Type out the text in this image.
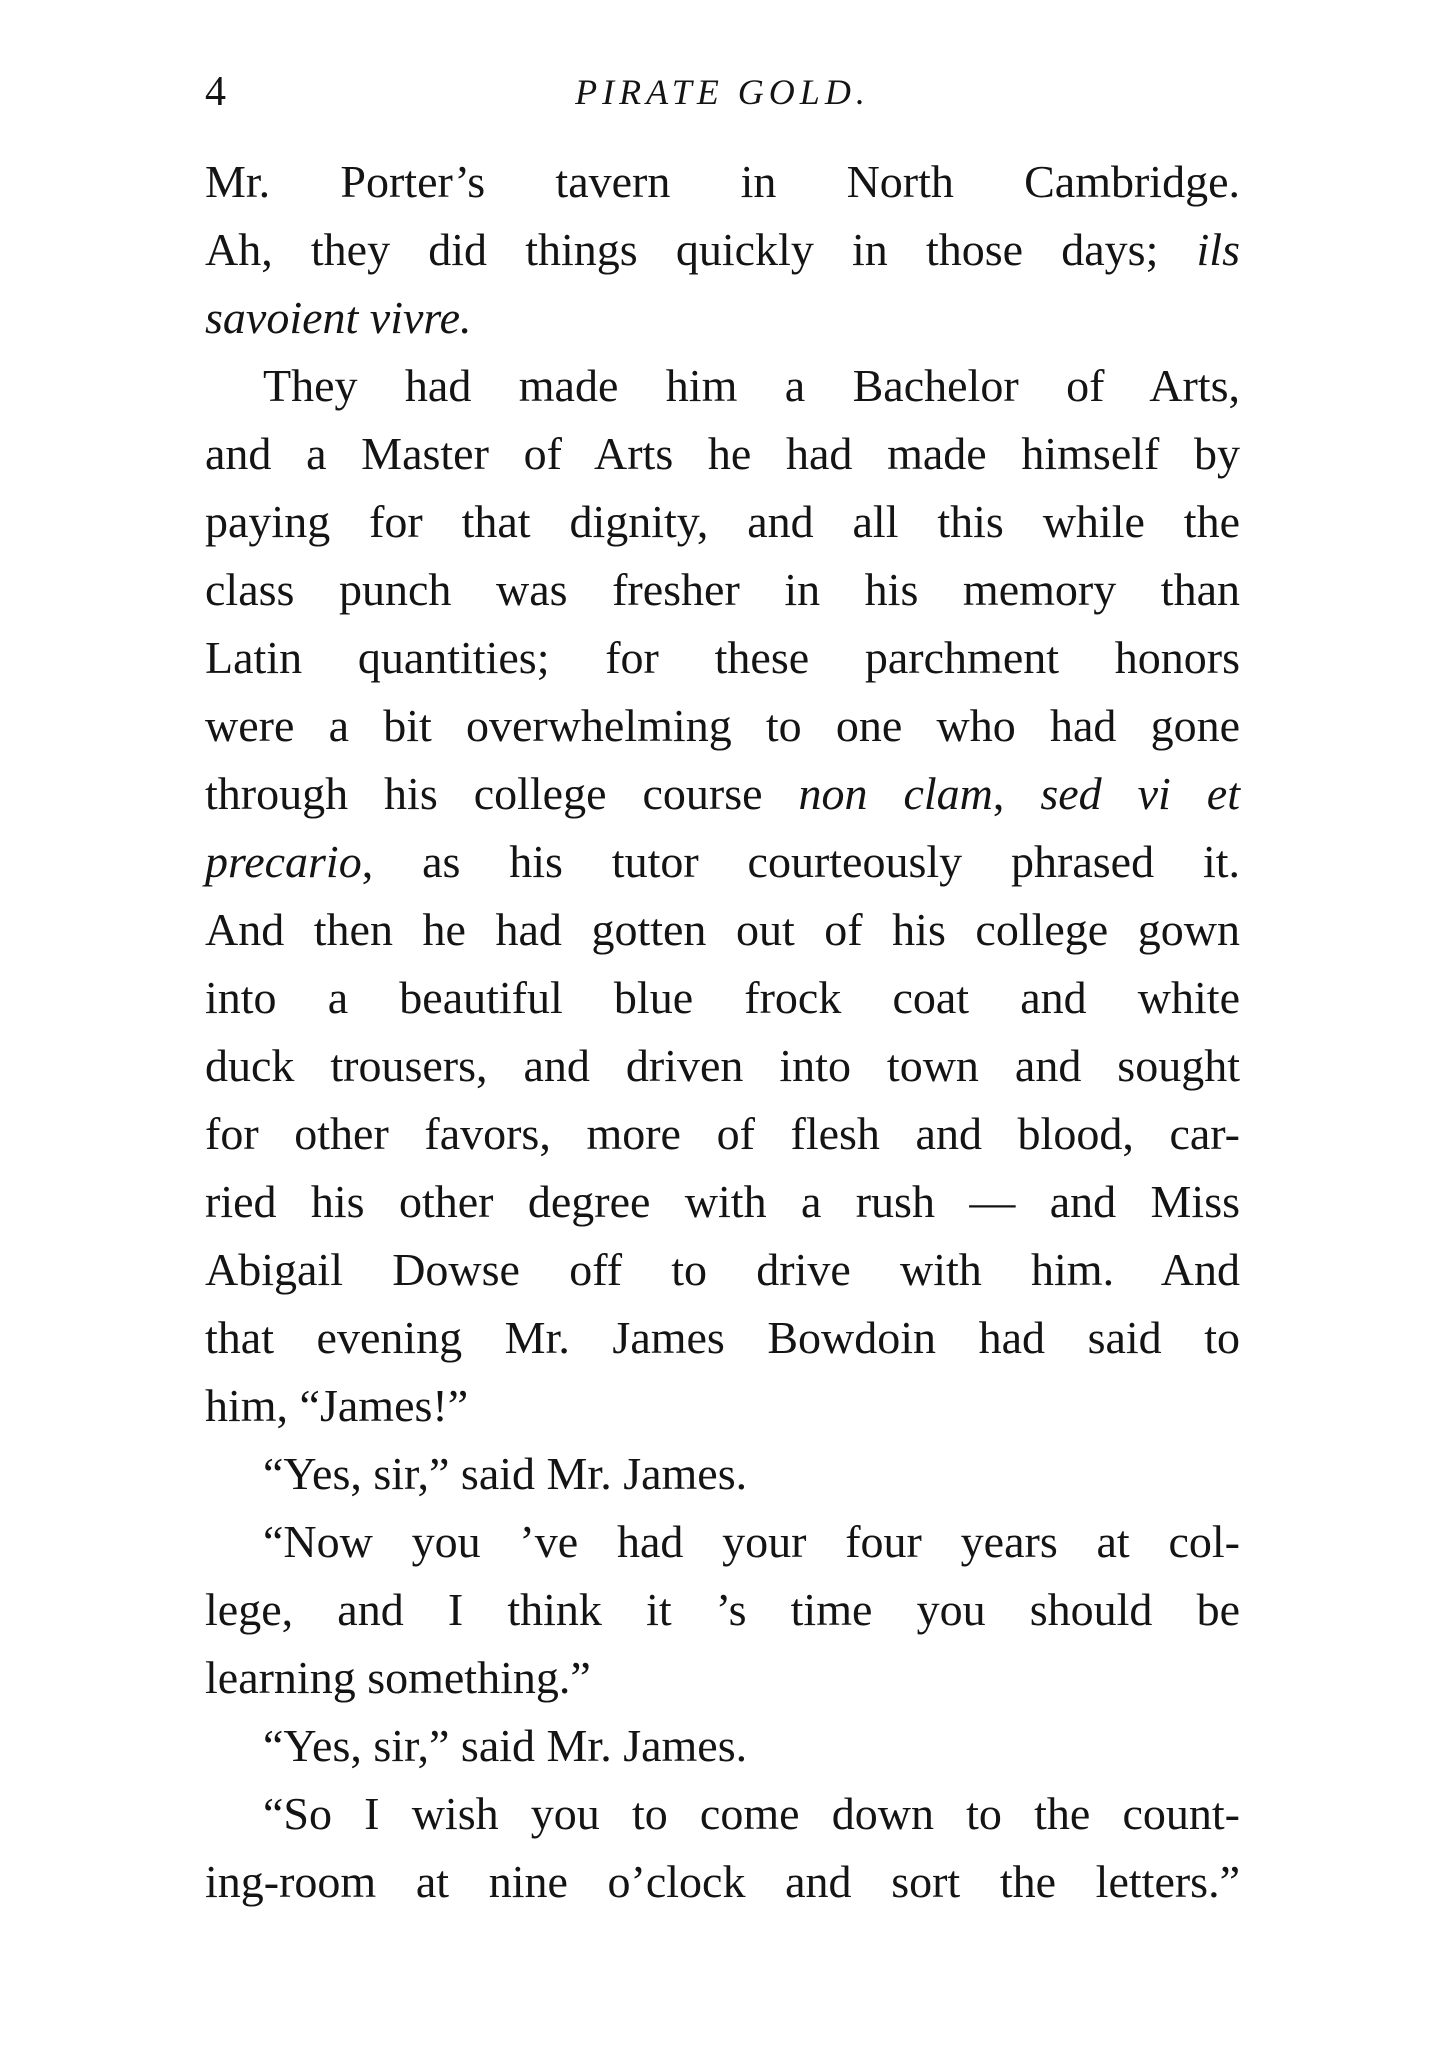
4	PIRATE GOLD.
Mr. Porter’s tavern in North Cambridge.
Ah, they did things quickly in those days; ils
savoient vivre.
They had made him a Bachelor of Arts,
and a Master of Arts he had made himself by
paying for that dignity, and all this while the
class punch was fresher in his memory than
Latin quantities; for these parchment honors
were a bit overwhelming to one who had gone
through his college course non clam, sed vi et
precario, as his tutor courteously phrased it.
And then he had gotten out of his college gown
into a beautiful blue frock coat and white
duck trousers, and driven into town and sought
for other favors, more of flesh and blood, car-
ried his other degree with a rush — and Miss
Abigail Dowse off to drive with him. And
that evening Mr. James Bowdoin had said to
him, “James!”
“Yes, sir,” said Mr. James.
“Now you ’ve had your four years at col-
lege, and I think it ’s time you should be
learning something.”
“Yes, sir,” said Mr. James.
“So I wish you to come down to the count-
ing-room at nine o’clock and sort the letters.”
